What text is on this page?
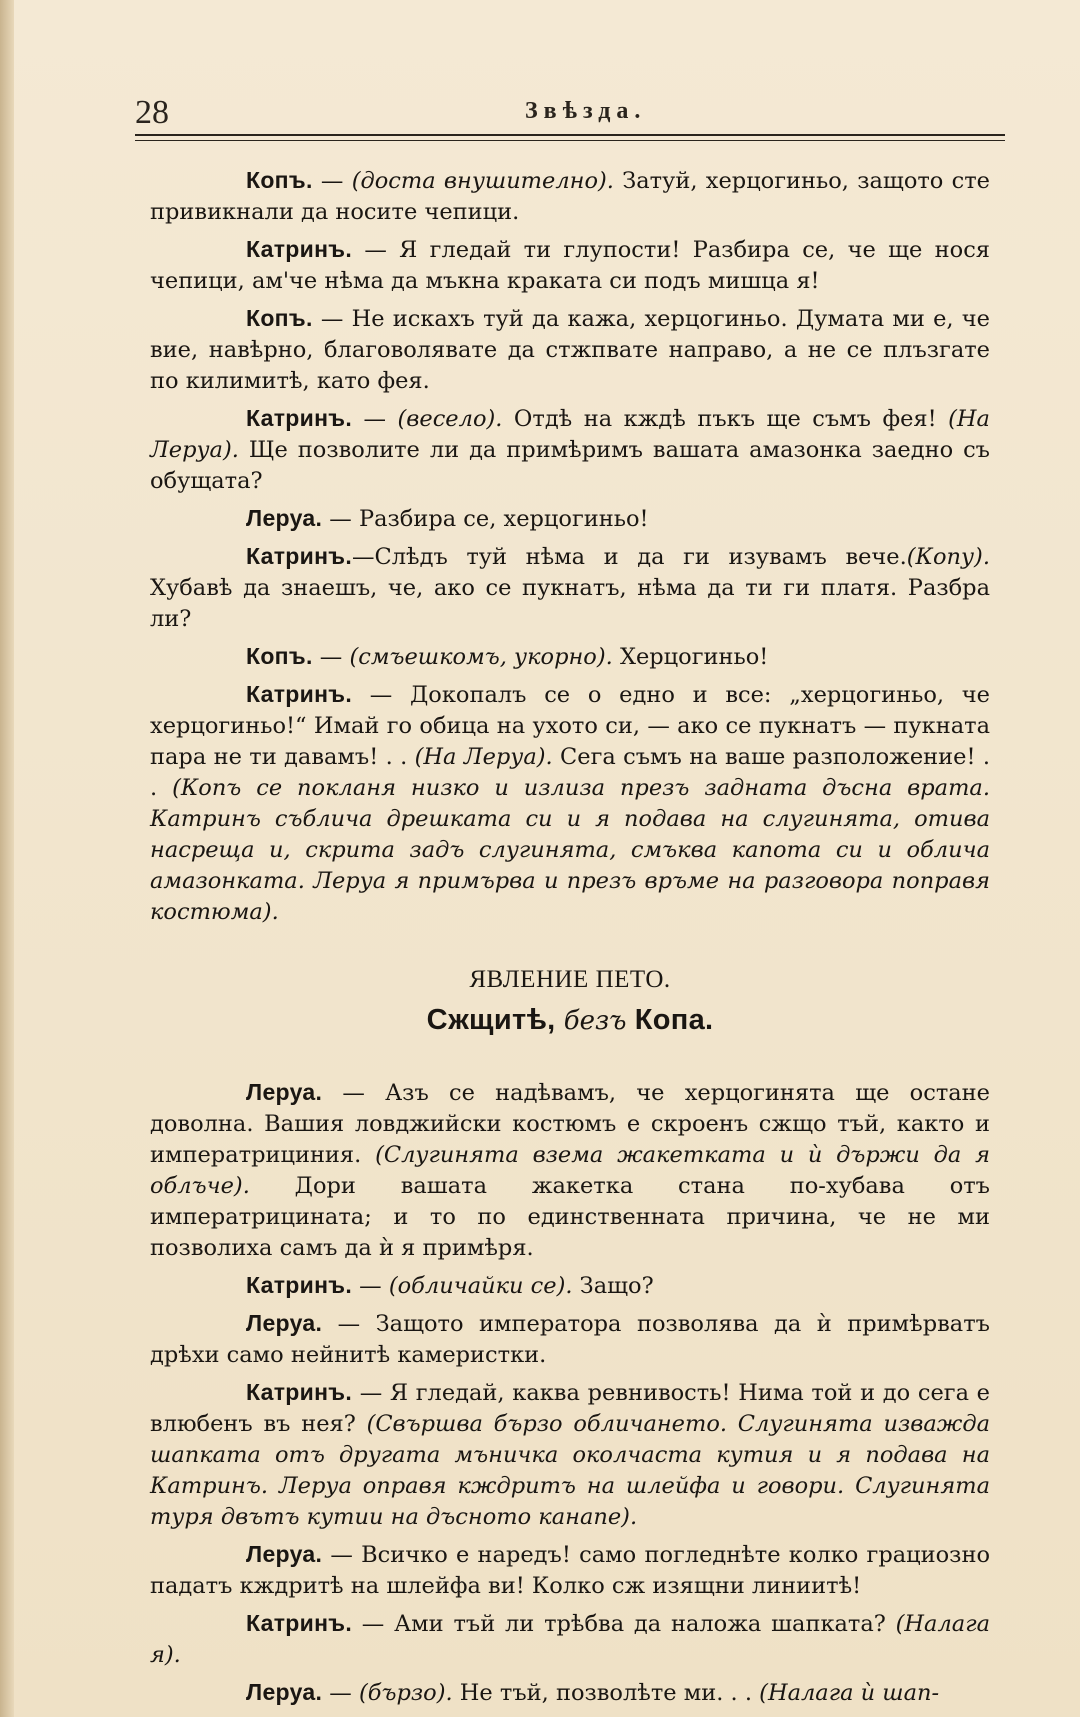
28	Звѣзда.

Копъ. — (доста внушително). Затуй, херцогиньо, защото сте привикнали да носите чепици.

Катринъ. — Я гледай ти глупости! Разбира се, че ще нося чепици, ам'че нѣма да мъкна краката си подъ мишца я!

Копъ. — Не искахъ туй да кажа, херцогиньо. Думата ми е, че вие, навѣрно, благоволявате да стжпвате направо, а не се плъзгате по килимитѣ, като фея.

Катринъ. — (весело). Отдѣ на кждѣ пъкъ ще съмъ фея! (На Леруа). Ще позволите ли да примѣримъ вашата амазонка заедно съ обущата?

Леруа. — Разбира се, херцогиньо!

Катринъ.—Слѣдъ туй нѣма и да ги изувамъ вече.(Копу). Хубавѣ да знаешъ, че, ако се пукнатъ, нѣма да ти ги платя. Разбра ли?

Копъ. — (смъешкомъ, укорно). Херцогиньо!

Катринъ. — Докопалъ се о едно и все: „херцогиньо, че херцогиньо!“ Имай го обица на ухото си, — ако се пукнатъ — пукната пара не ти давамъ! . . (На Леруа). Сега съмъ на ваше разположение! . . (Копъ се покланя низко и излиза презъ задната дъсна врата. Катринъ съблича дрешката си и я подава на слугинята, отива насреща и, скрита задъ слугинята, смъква капота си и облича амазонката. Леруа я примърва и презъ връме на разговора поправя костюма).

ЯВЛЕНИЕ ПЕТО.
Сжщитѣ, безъ Копа.

Леруа. — Азъ се надѣвамъ, че херцогинята ще остане доволна. Вашия ловджийски костюмъ е скроенъ сжщо тъй, както и императрициния. (Слугинята взема жакетката и ѝ държи да я облъче). Дори вашата жакетка стана по-хубава отъ императрицината; и то по единственната причина, че не ми позволиха самъ да ѝ я примѣря.

Катринъ. — (обличайки се). Защо?

Леруа. — Защото императора позволява да ѝ примѣрватъ дрѣхи само нейнитѣ камеристки.

Катринъ. — Я гледай, каква ревнивость! Нима той и до сега е влюбенъ въ нея? (Свършва бързо обличането. Слугинята изважда шапката отъ другата мъничка околчаста кутия и я подава на Катринъ. Леруа оправя кждритъ на шлейфа и говори. Слугинята туря двътъ кутии на дъсното канапе).

Леруа. — Всичко е наредъ! само погледнѣте колко грациозно падатъ кждритѣ на шлейфа ви! Колко сж изящни линиитѣ!

Катринъ. — Ами тъй ли трѣбва да наложа шапката? (Налага я).

Леруа. — (бързо). Не тъй, позволѣте ми. . . (Налага ѝ шап-
